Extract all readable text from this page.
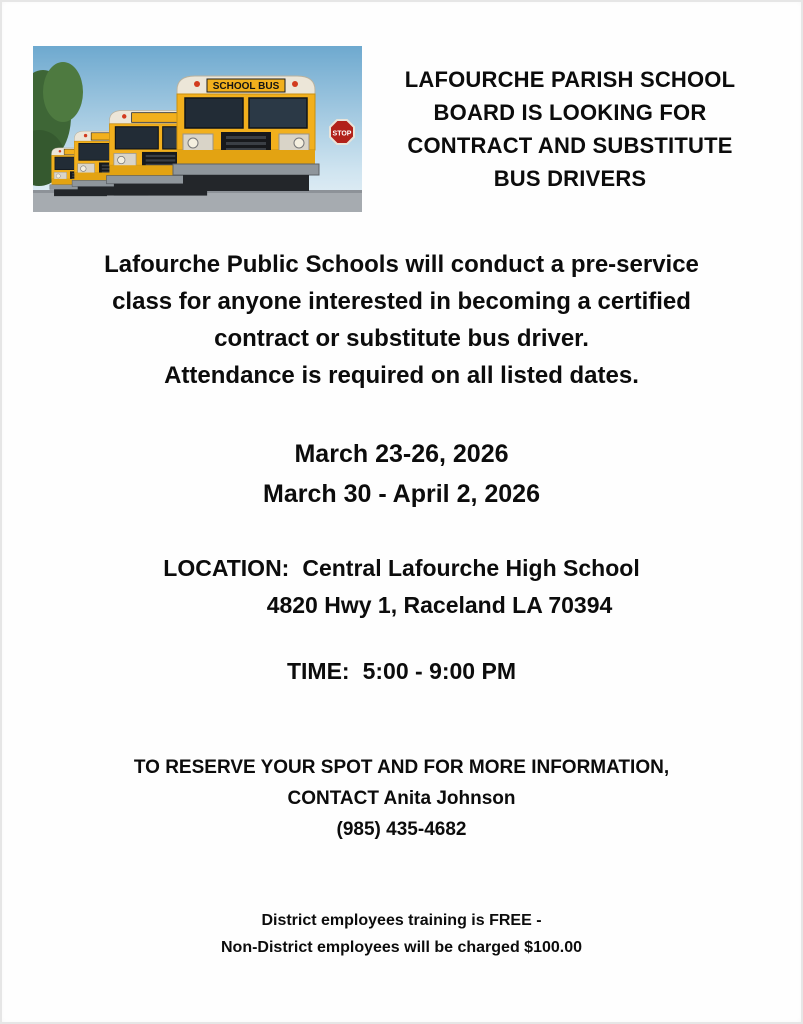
SCHOOL BUS
STOP
LAFOURCHE PARISH SCHOOL
BOARD IS LOOKING FOR
CONTRACT AND SUBSTITUTE
BUS DRIVERS
Lafourche Public Schools will conduct a pre-service
class for anyone interested in becoming a certified
contract or substitute bus driver.
Attendance is required on all listed dates.
March 23-26, 2026
March 30 - April 2, 2026
LOCATION: Central Lafourche High School
4820 Hwy 1, Raceland LA 70394
TIME: 5:00 - 9:00 PM
TO RESERVE YOUR SPOT AND FOR MORE INFORMATION,
CONTACT Anita Johnson
(985) 435-4682
District employees training is FREE -
Non-District employees will be charged $100.00
